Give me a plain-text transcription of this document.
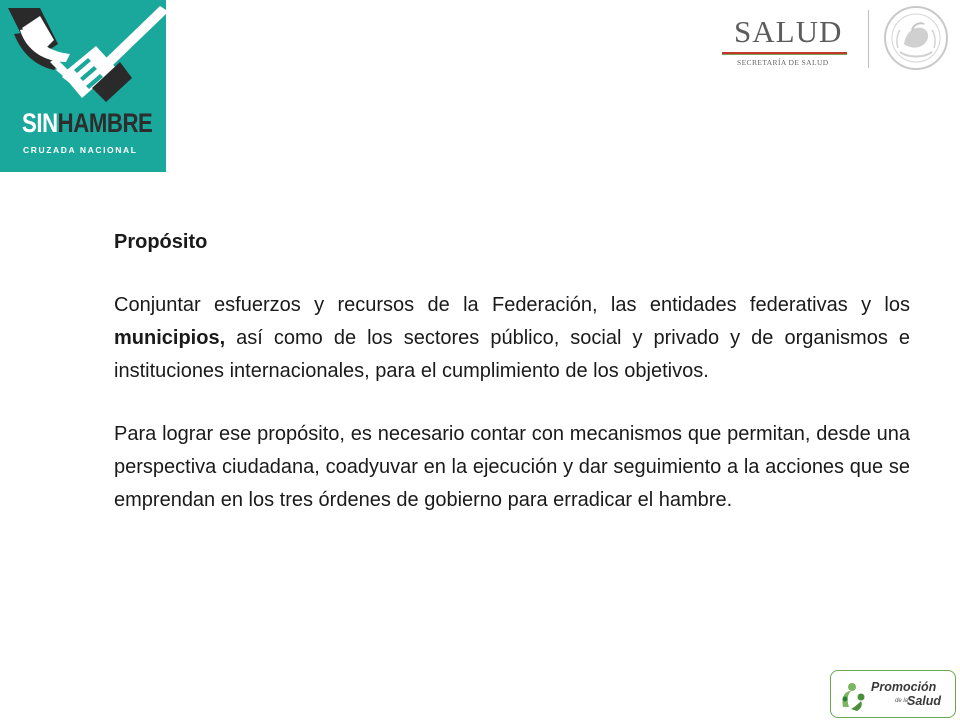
SINHAMBRE
CRUZADA NACIONAL
SALUD
SECRETARÍA DE SALUD
Propósito
Conjuntar esfuerzos y recursos de la Federación, las entidades federativas y los municipios, así como de los sectores público, social y privado y de organismos e instituciones internacionales, para el cumplimiento de los objetivos.
Para lograr ese propósito, es necesario contar con mecanismos que permitan, desde una perspectiva ciudadana, coadyuvar en la ejecución y dar seguimiento a la acciones que se emprendan en los tres órdenes de gobierno para erradicar el hambre.
Promoción
de la
Salud
